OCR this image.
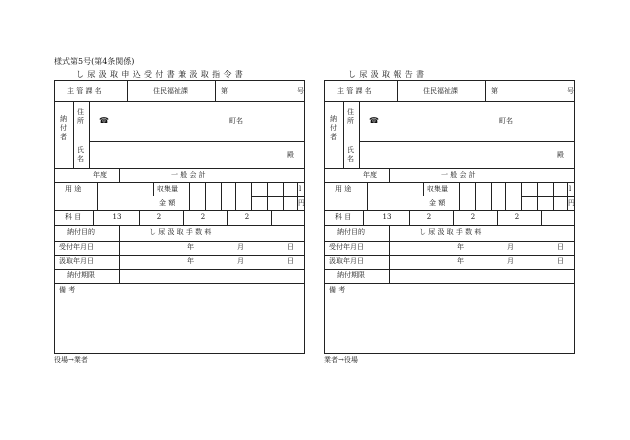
様式第5号(第4条関係)
し 尿 汲 取 申 込 受 付 書 兼 汲 取 指 令 書
主 管 課 名	住民福祉課	第	号
納付者
住所 ☎	町名
氏名	殿
年度	一 般 会 計
用 途	収集量	l
金 額	円
科 目	13	2	2	2
納付目的	し 尿 汲 取 手 数 料
受付年月日	年	月	日
汲取年月日	年	月	日
納付期限
備 考
役場→業者
し 尿 汲 取 報 告 書
主 管 課 名	住民福祉課	第	号
納付者
住所 ☎	町名
氏名	殿
年度	一 般 会 計
用 途	収集量	l
金 額	円
科 目	13	2	2	2
納付目的	し 尿 汲 取 手 数 料
受付年月日	年	月	日
汲取年月日	年	月	日
納付期限
備 考
業者→役場
